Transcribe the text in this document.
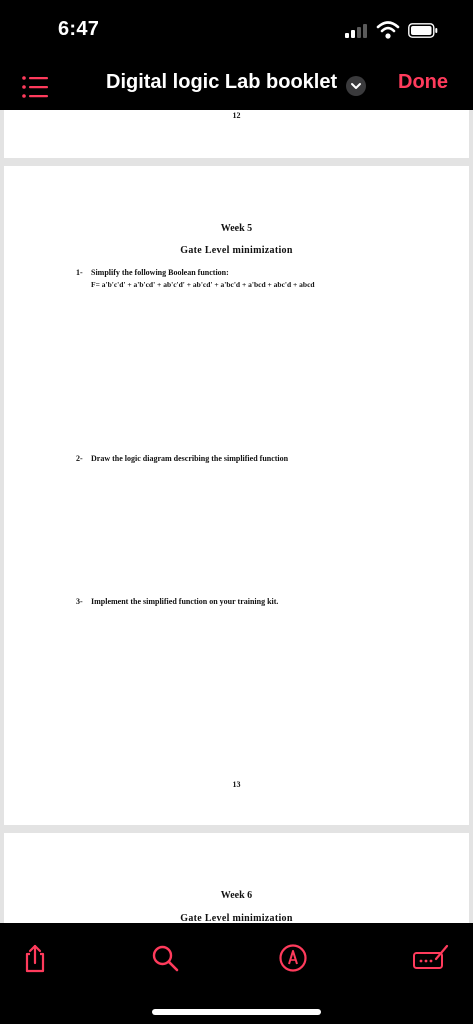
6:47
Digital logic Lab booklet	Done
12
Week 5
Gate Level minimization
1- Simplify the following Boolean function:
F= a'b'c'd' + a'b'cd' + ab'c'd' + ab'cd' + a'bc'd + a'bcd + abc'd + abcd
2- Draw the logic diagram describing the simplified function
3- Implement the simplified function on your training kit.
13
Week 6
Gate Level minimization
